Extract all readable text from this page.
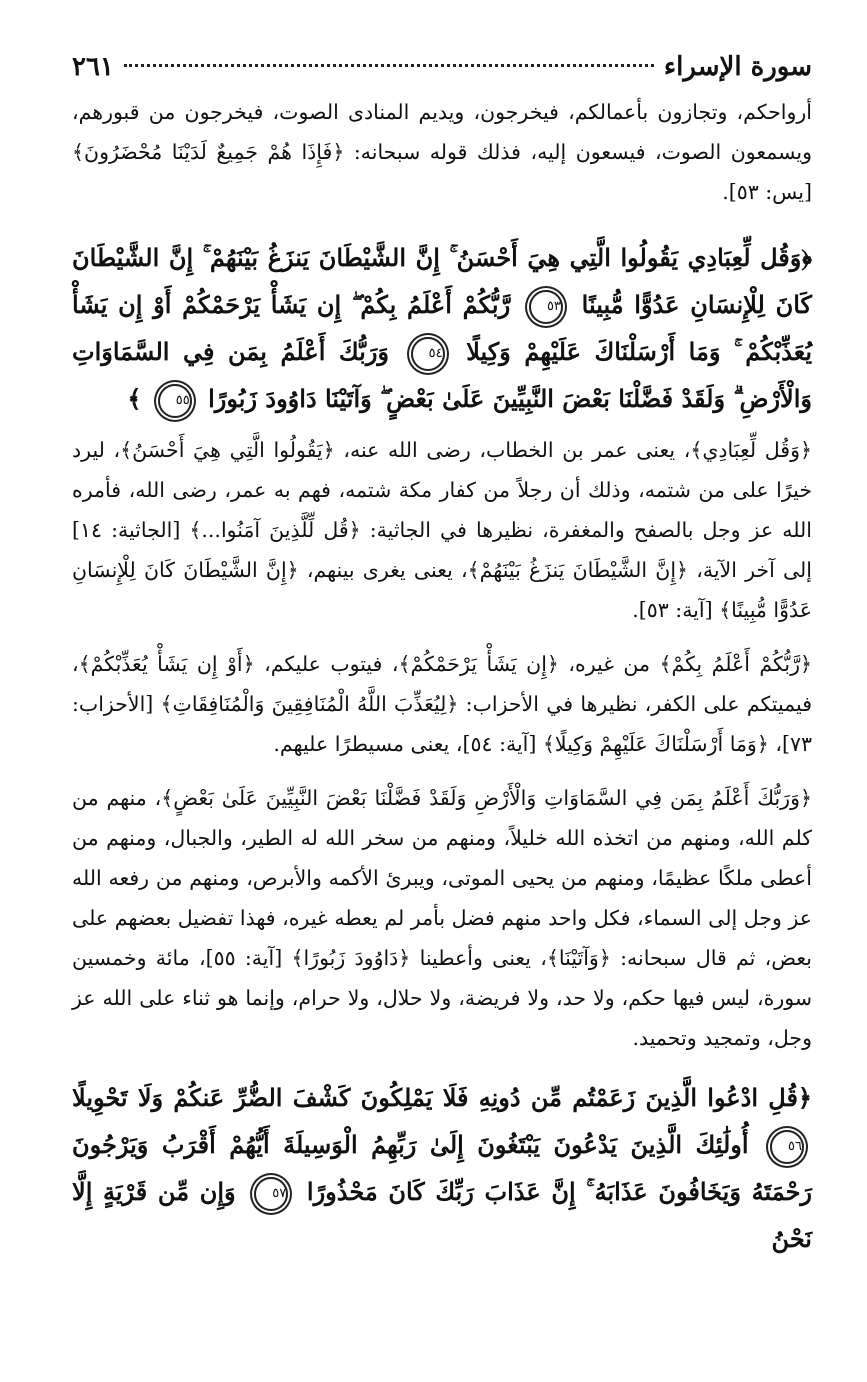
سورة الإسراء
٢٦١

أرواحكم، وتجازون بأعمالكم، فيخرجون، ويديم المنادى الصوت، فيخرجون من قبورهم، ويسمعون الصوت، فيسعون إليه، فذلك قوله سبحانه: ﴿فَإِذَا هُمْ جَمِيعٌ لَدَيْنَا مُحْضَرُونَ﴾ [يس: ٥٣].

﴿وَقُل لِّعِبَادِي يَقُولُوا الَّتِي هِيَ أَحْسَنُ ۚ إِنَّ الشَّيْطَانَ يَنزَغُ بَيْنَهُمْ ۚ إِنَّ الشَّيْطَانَ كَانَ لِلْإِنسَانِ عَدُوًّا مُّبِينًا ٥٣ رَّبُّكُمْ أَعْلَمُ بِكُمْ ۖ إِن يَشَأْ يَرْحَمْكُمْ أَوْ إِن يَشَأْ يُعَذِّبْكُمْ ۚ وَمَا أَرْسَلْنَاكَ عَلَيْهِمْ وَكِيلًا ٥٤ وَرَبُّكَ أَعْلَمُ بِمَن فِي السَّمَاوَاتِ وَالْأَرْضِ ۗ وَلَقَدْ فَضَّلْنَا بَعْضَ النَّبِيِّينَ عَلَىٰ بَعْضٍ ۖ وَآتَيْنَا دَاوُودَ زَبُورًا ٥٥ ﴾

﴿وَقُل لِّعِبَادِي﴾، يعنى عمر بن الخطاب، رضى الله عنه، ﴿يَقُولُوا الَّتِي هِيَ أَحْسَنُ﴾، ليرد خيرًا على من شتمه، وذلك أن رجلاً من كفار مكة شتمه، فهم به عمر، رضى الله، فأمره الله عز وجل بالصفح والمغفرة، نظيرها في الجاثية: ﴿قُل لِّلَّذِينَ آمَنُوا...﴾ [الجاثية: ١٤] إلى آخر الآية، ﴿إِنَّ الشَّيْطَانَ يَنزَغُ بَيْنَهُمْ﴾، يعنى يغرى بينهم، ﴿إِنَّ الشَّيْطَانَ كَانَ لِلْإِنسَانِ عَدُوًّا مُّبِينًا﴾ [آية: ٥٣].

﴿رَّبُّكُمْ أَعْلَمُ بِكُمْ﴾ من غيره، ﴿إِن يَشَأْ يَرْحَمْكُمْ﴾، فيتوب عليكم، ﴿أَوْ إِن يَشَأْ يُعَذِّبْكُمْ﴾، فيميتكم على الكفر، نظيرها في الأحزاب: ﴿لِيُعَذِّبَ اللَّهُ الْمُنَافِقِينَ وَالْمُنَافِقَاتِ﴾ [الأحزاب: ٧٣]، ﴿وَمَا أَرْسَلْنَاكَ عَلَيْهِمْ وَكِيلًا﴾ [آية: ٥٤]، يعنى مسيطرًا عليهم.

﴿وَرَبُّكَ أَعْلَمُ بِمَن فِي السَّمَاوَاتِ وَالْأَرْضِ وَلَقَدْ فَضَّلْنَا بَعْضَ النَّبِيِّينَ عَلَىٰ بَعْضٍ﴾، منهم من كلم الله، ومنهم من اتخذه الله خليلاً، ومنهم من سخر الله له الطير، والجبال، ومنهم من أعطى ملكًا عظيمًا، ومنهم من يحيى الموتى، ويبرئ الأكمه والأبرص، ومنهم من رفعه الله عز وجل إلى السماء، فكل واحد منهم فضل بأمر لم يعطه غيره، فهذا تفضيل بعضهم على بعض، ثم قال سبحانه: ﴿وَآتَيْنَا﴾، يعنى وأعطينا ﴿دَاوُودَ زَبُورًا﴾ [آية: ٥٥]، مائة وخمسين سورة، ليس فيها حكم، ولا حد، ولا فريضة، ولا حلال، ولا حرام، وإنما هو ثناء على الله عز وجل، وتمجيد وتحميد.

﴿قُلِ ادْعُوا الَّذِينَ زَعَمْتُم مِّن دُونِهِ فَلَا يَمْلِكُونَ كَشْفَ الضُّرِّ عَنكُمْ وَلَا تَحْوِيلًا ٥٦ أُولَٰئِكَ الَّذِينَ يَدْعُونَ يَبْتَغُونَ إِلَىٰ رَبِّهِمُ الْوَسِيلَةَ أَيُّهُمْ أَقْرَبُ وَيَرْجُونَ رَحْمَتَهُ وَيَخَافُونَ عَذَابَهُ ۚ إِنَّ عَذَابَ رَبِّكَ كَانَ مَحْذُورًا ٥٧ وَإِن مِّن قَرْيَةٍ إِلَّا نَحْنُ
